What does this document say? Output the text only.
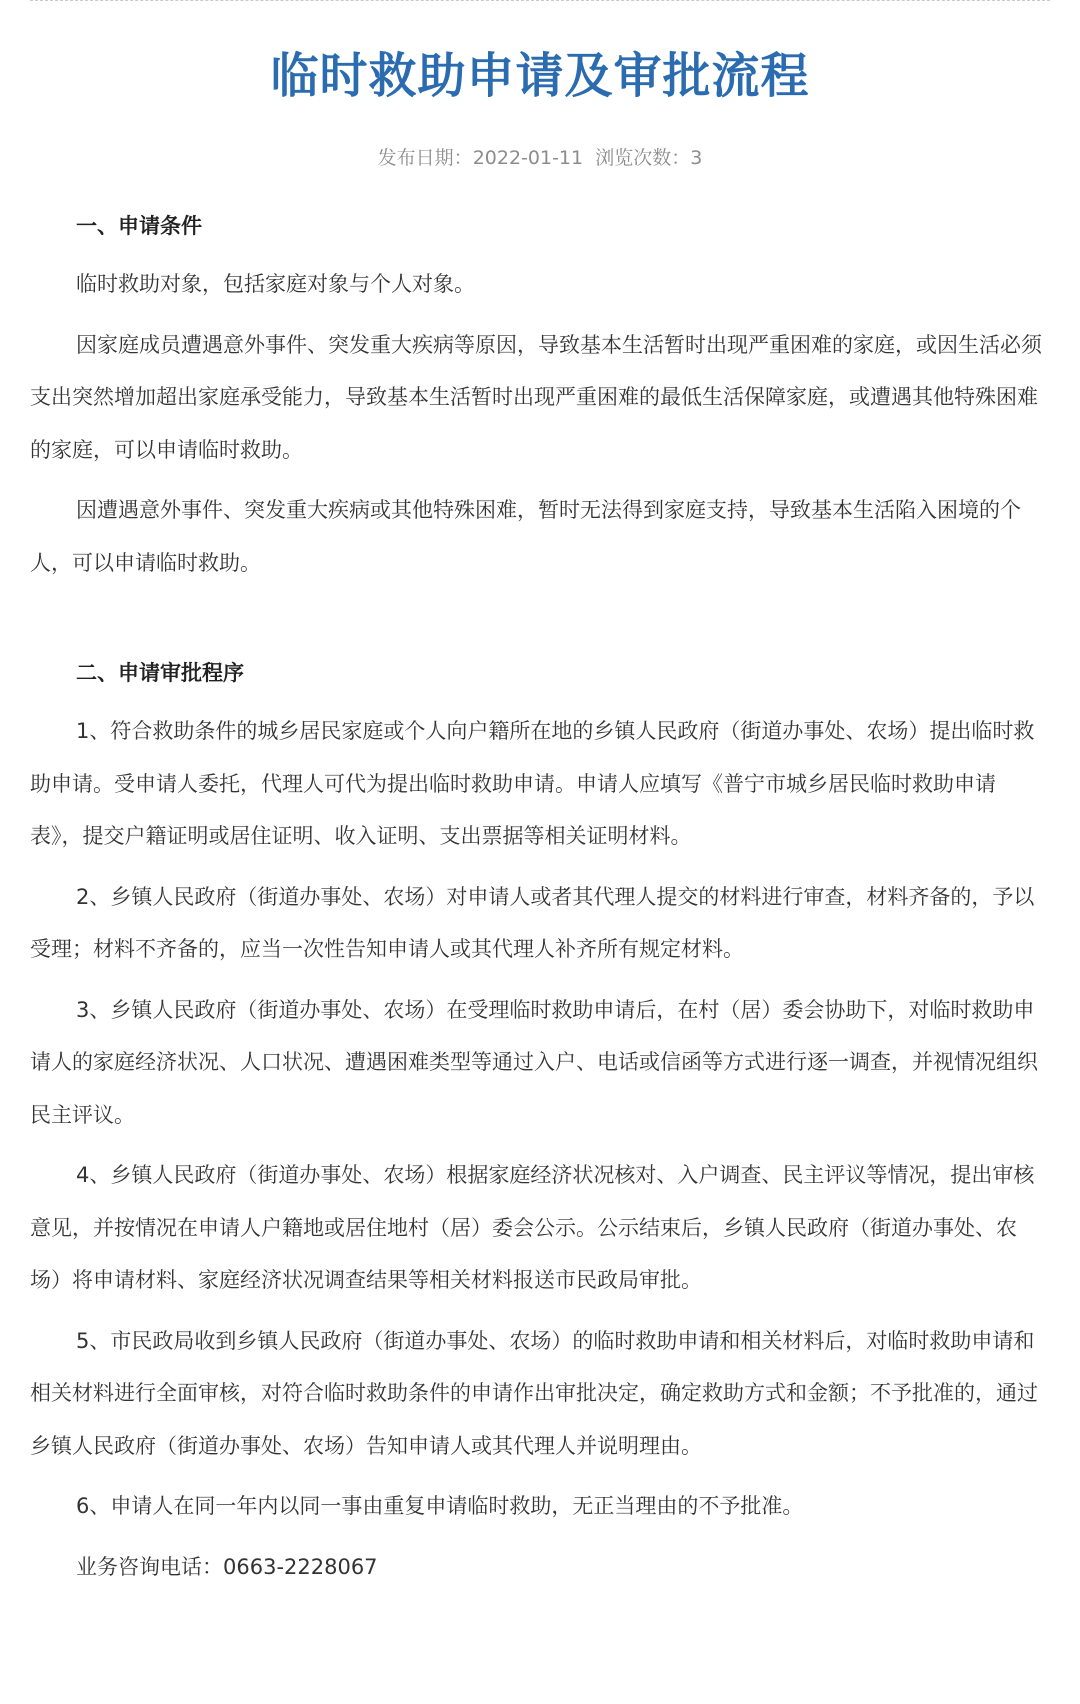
临时救助申请及审批流程
发布日期：2022-01-11 浏览次数：3
一、申请条件

临时救助对象，包括家庭对象与个人对象。

因家庭成员遭遇意外事件、突发重大疾病等原因，导致基本生活暂时出现严重困难的家庭，或因生活必须支出突然增加超出家庭承受能力，导致基本生活暂时出现严重困难的最低生活保障家庭，或遭遇其他特殊困难的家庭，可以申请临时救助。

因遭遇意外事件、突发重大疾病或其他特殊困难，暂时无法得到家庭支持，导致基本生活陷入困境的个人，可以申请临时救助。

二、申请审批程序

1、符合救助条件的城乡居民家庭或个人向户籍所在地的乡镇人民政府（街道办事处、农场）提出临时救助申请。受申请人委托，代理人可代为提出临时救助申请。申请人应填写《普宁市城乡居民临时救助申请表》，提交户籍证明或居住证明、收入证明、支出票据等相关证明材料。

2、乡镇人民政府（街道办事处、农场）对申请人或者其代理人提交的材料进行审查，材料齐备的，予以受理；材料不齐备的，应当一次性告知申请人或其代理人补齐所有规定材料。

3、乡镇人民政府（街道办事处、农场）在受理临时救助申请后，在村（居）委会协助下，对临时救助申请人的家庭经济状况、人口状况、遭遇困难类型等通过入户、电话或信函等方式进行逐一调查，并视情况组织民主评议。

4、乡镇人民政府（街道办事处、农场）根据家庭经济状况核对、入户调查、民主评议等情况，提出审核意见，并按情况在申请人户籍地或居住地村（居）委会公示。公示结束后，乡镇人民政府（街道办事处、农场）将申请材料、家庭经济状况调查结果等相关材料报送市民政局审批。

5、市民政局收到乡镇人民政府（街道办事处、农场）的临时救助申请和相关材料后，对临时救助申请和相关材料进行全面审核，对符合临时救助条件的申请作出审批决定，确定救助方式和金额；不予批准的，通过乡镇人民政府（街道办事处、农场）告知申请人或其代理人并说明理由。

6、申请人在同一年内以同一事由重复申请临时救助，无正当理由的不予批准。

业务咨询电话：0663-2228067
